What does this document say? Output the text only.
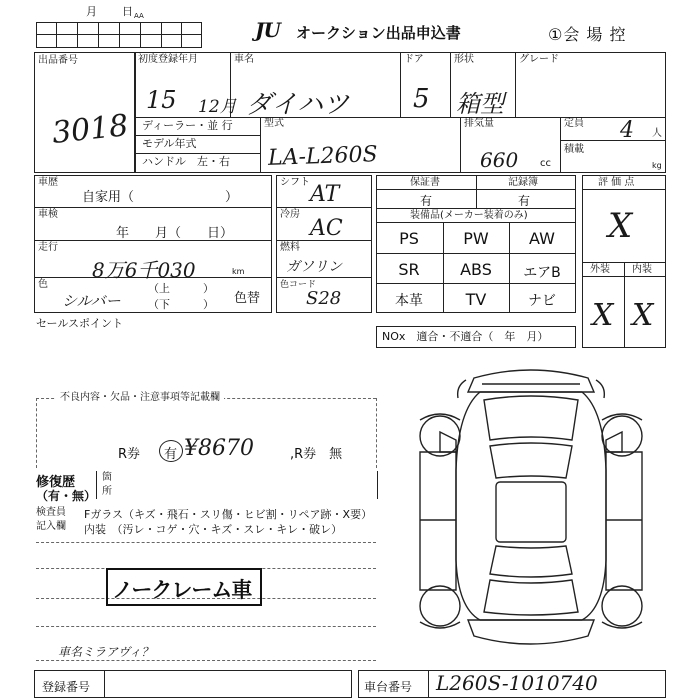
月 日 AA
JU オークション出品申込書	①会 場 控
出品番号
3018
初度登録年月
15 12月
車名
ダイハツ
ドア
5
形状
箱型
グレード
ディーラー・並 行
モデル年式
ハンドル　左・右
型式
LA-L260S
排気量
660 cc
定員 4 人
積載
kg
車歴
自家用（　　　　　　　）
車検
年　　月（　　日）
走行
8万6千030	km
色
シルバー
（上　　　）
（下　　　） 色替
シフト AT
冷房
AC
燃料
ガソリン
色コード
S28
セールスポイント
保証書
有
記録簿
有
装備品(メーカー装着のみ)
PS	PW	AW
SR	ABS	エアB
本革	TV	ナビ
NOx　適合・不適合（　年　月）
評 価 点
X
外装 内装
X X
不良内容・欠品・注意事項等記載欄
R券 有 ¥8670	,R券　無
修復歴
（有・無）
箇
所
検査員
記入欄
Fガラス（キズ・飛石・スリ傷・ヒビ割・リペア跡・X要）
内装　（汚レ・コゲ・穴・キズ・スレ・キレ・破レ）
ノークレーム車
車名ミラアヴィ？
登録番号	車台番号 L260S-1010740
